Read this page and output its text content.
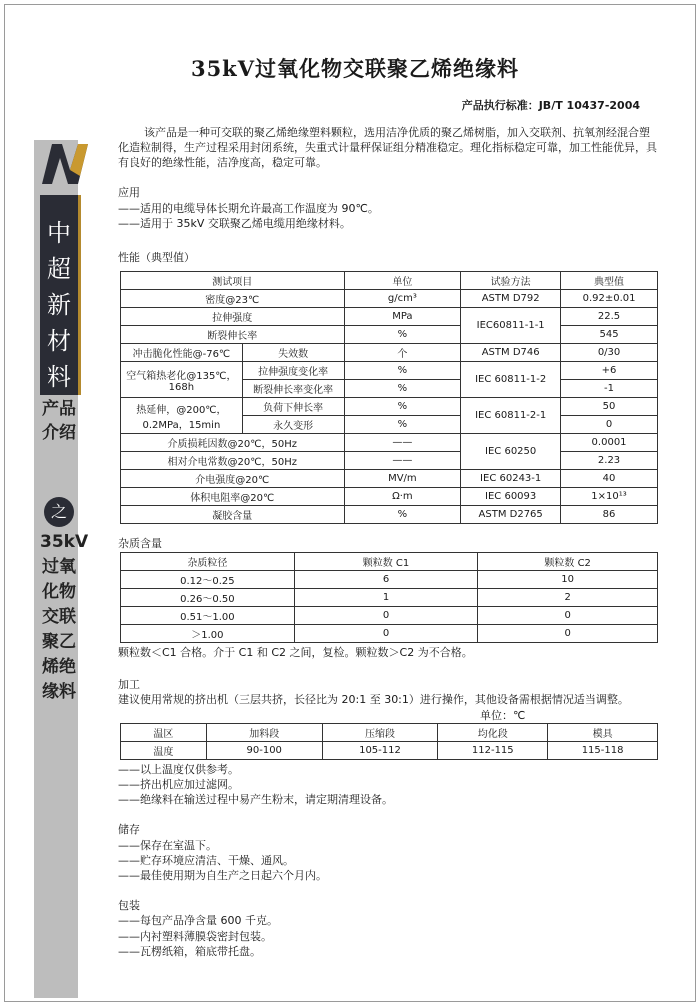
中超新材料
产品介绍
之
35kV过氧化物交联聚乙烯绝缘料
35kV过氧化物交联聚乙烯绝缘料
产品执行标准：JB/T 10437-2004
该产品是一种可交联的聚乙烯绝缘塑料颗粒，选用洁净优质的聚乙烯树脂，加入交联剂、抗氧剂经混合塑化造粒制得，生产过程采用封闭系统，失重式计量秤保证组分精准稳定。理化指标稳定可靠，加工性能优异，具有良好的绝缘性能，洁净度高，稳定可靠。
应用
——适用的电缆导体长期允许最高工作温度为 90℃。
——适用于 35kV 交联聚乙烯电缆用绝缘材料。
性能（典型值）
测试项目		单位	试验方法	典型值
密度@23℃		g/cm³	ASTM D792	0.92±0.01
拉伸强度		MPa	IEC60811-1-1	22.5
断裂伸长率		%		545
冲击脆化性能@-76℃	失效数	个	ASTM D746	0/30
空气箱热老化@135℃，168h	拉伸强度变化率	%	IEC 60811-1-2	+6
	断裂伸长率变化率	%		-1
热延伸，@200℃，0.2MPa，15min	负荷下伸长率	%	IEC 60811-2-1	50
	永久变形	%		0
介质损耗因数@20℃，50Hz		——	IEC 60250	0.0001
相对介电常数@20℃，50Hz		——		2.23
介电强度@20℃		MV/m	IEC 60243-1	40
体积电阻率@20℃		Ω·m	IEC 60093	1×10¹³
凝胶含量		%	ASTM D2765	86
杂质含量
杂质粒径	颗粒数 C1	颗粒数 C2
0.12～0.25	6	10
0.26～0.50	1	2
0.51～1.00	0	0
＞1.00	0	0
颗粒数＜C1 合格。介于 C1 和 C2 之间，复检。颗粒数＞C2 为不合格。
加工
建议使用常规的挤出机（三层共挤，长径比为 20:1 至 30:1）进行操作，其他设备需根据情况适当调整。
单位：℃
温区	加料段	压缩段	均化段	模具
温度	90-100	105-112	112-115	115-118
——以上温度仅供参考。
——挤出机应加过滤网。
——绝缘料在输送过程中易产生粉末，请定期清理设备。
储存
——保存在室温下。
——贮存环境应清洁、干燥、通风。
——最佳使用期为自生产之日起六个月内。
包装
——每包产品净含量 600 千克。
——内衬塑料薄膜袋密封包装。
——瓦楞纸箱，箱底带托盘。
